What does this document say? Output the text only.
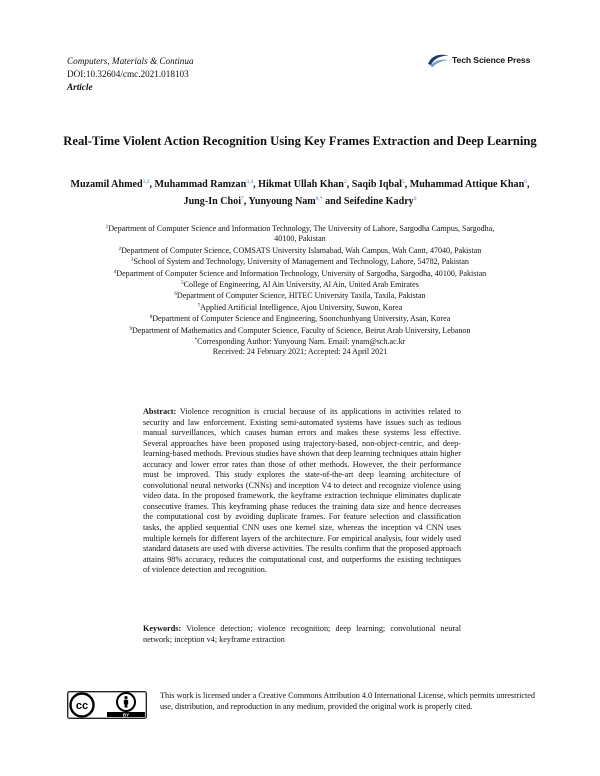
Computers, Materials & Continua
DOI:10.32604/cmc.2021.018103
Article
Tech Science Press
Real-Time Violent Action Recognition Using Key Frames Extraction and Deep Learning
Muzamil Ahmed$^{1,2}$, Muhammad Ramzan$^{3,4}$, Hikmat Ullah Khan$^2$, Saqib Iqbal$^5$, Muhammad Attique Khan$^6$, Jung-In Choi$^7$, Yunyoung Nam$^{8,*}$ and Seifedine Kadry$^9$
$^1$Department of Computer Science and Information Technology, The University of Lahore, Sargodha Campus, Sargodha,
40100, Pakistan
$^2$Department of Computer Science, COMSATS University Islamabad, Wah Campus, Wah Cantt, 47040, Pakistan
$^3$School of System and Technology, University of Management and Technology, Lahore, 54782, Pakistan
$^4$Department of Computer Science and Information Technology, University of Sargodha, Sargodha, 40100, Pakistan
$^5$College of Engineering, Al Ain University, Al Ain, United Arab Emirates
$^6$Department of Computer Science, HITEC University Taxila, Taxila, Pakistan
$^7$Applied Artificial Intelligence, Ajou University, Suwon, Korea
$^8$Department of Computer Science and Engineering, Soonchunhyang University, Asan, Korea
$^9$Department of Mathematics and Computer Science, Faculty of Science, Beirut Arab University, Lebanon
*Corresponding Author: Yunyoung Nam. Email: ynam@sch.ac.kr
Received: 24 February 2021; Accepted: 24 April 2021
Abstract: Violence recognition is crucial because of its applications in activities related to security and law enforcement. Existing semi-automated systems have issues such as tedious manual surveillances, which causes human errors and makes these systems less effective. Several approaches have been proposed using trajectory-based, non-object-centric, and deep-learning-based methods. Previous studies have shown that deep learning techniques attain higher accuracy and lower error rates than those of other methods. However, the their performance must be improved. This study explores the state-of-the-art deep learning architecture of convolutional neural networks (CNNs) and inception V4 to detect and recognize violence using video data. In the proposed framework, the keyframe extraction technique eliminates duplicate consecutive frames. This keyframing phase reduces the training data size and hence decreases the computational cost by avoiding duplicate frames. For feature selection and classification tasks, the applied sequential CNN uses one kernel size, whereas the inception v4 CNN uses multiple kernels for different layers of the architecture. For empirical analysis, four widely used standard datasets are used with diverse activities. The results confirm that the proposed approach attains 98% accuracy, reduces the computational cost, and outperforms the existing techniques of violence detection and recognition.
Keywords: Violence detection; violence recognition; deep learning; convolutional neural network; inception v4; keyframe extraction
cc
BY
This work is licensed under a Creative Commons Attribution 4.0 International License, which permits unrestricted use, distribution, and reproduction in any medium, provided the original work is properly cited.
